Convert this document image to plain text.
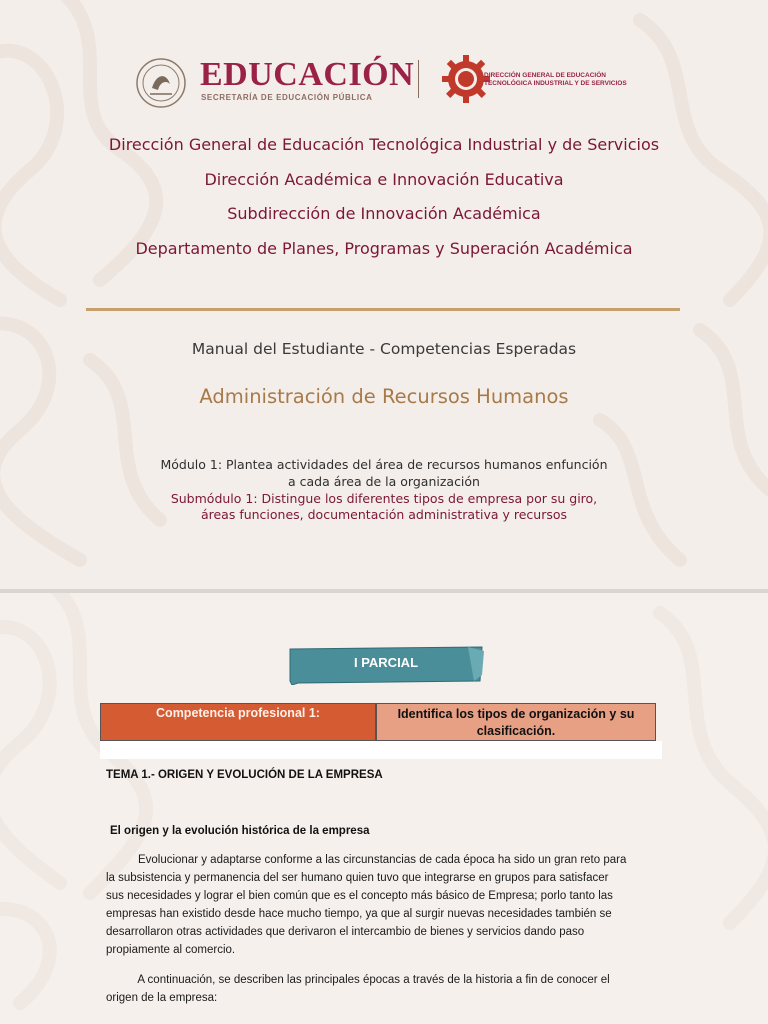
EDUCACIÓN
SECRETARÍA DE EDUCACIÓN PÚBLICA
DIRECCIÓN GENERAL DE EDUCACIÓN
TECNOLÓGICA INDUSTRIAL Y DE SERVICIOS
Dirección General de Educación Tecnológica Industrial y de Servicios
Dirección Académica e Innovación Educativa
Subdirección de Innovación Académica
Departamento de Planes, Programas y Superación Académica
Manual del Estudiante - Competencias Esperadas
Administración de Recursos Humanos
Módulo 1: Plantea actividades del área de recursos humanos enfunción
a cada área de la organización
Submódulo 1: Distingue los diferentes tipos de empresa por su giro,
áreas funciones, documentación administrativa y recursos
I PARCIAL
Competencia profesional 1:	Identifica los tipos de organización y su
clasificación.
TEMA 1.- ORIGEN Y EVOLUCIÓN DE LA EMPRESA
El origen y la evolución histórica de la empresa
Evolucionar y adaptarse conforme a las circunstancias de cada época ha sido un gran reto para
la subsistencia y permanencia del ser humano quien tuvo que integrarse en grupos para satisfacer
sus necesidades y lograr el bien común que es el concepto más básico de Empresa; porlo tanto las
empresas han existido desde hace mucho tiempo, ya que al surgir nuevas necesidades también se
desarrollaron otras actividades que derivaron el intercambio de bienes y servicios dando paso
propiamente al comercio.
A continuación, se describen las principales épocas a través de la historia a fin de conocer el
origen de la empresa:
